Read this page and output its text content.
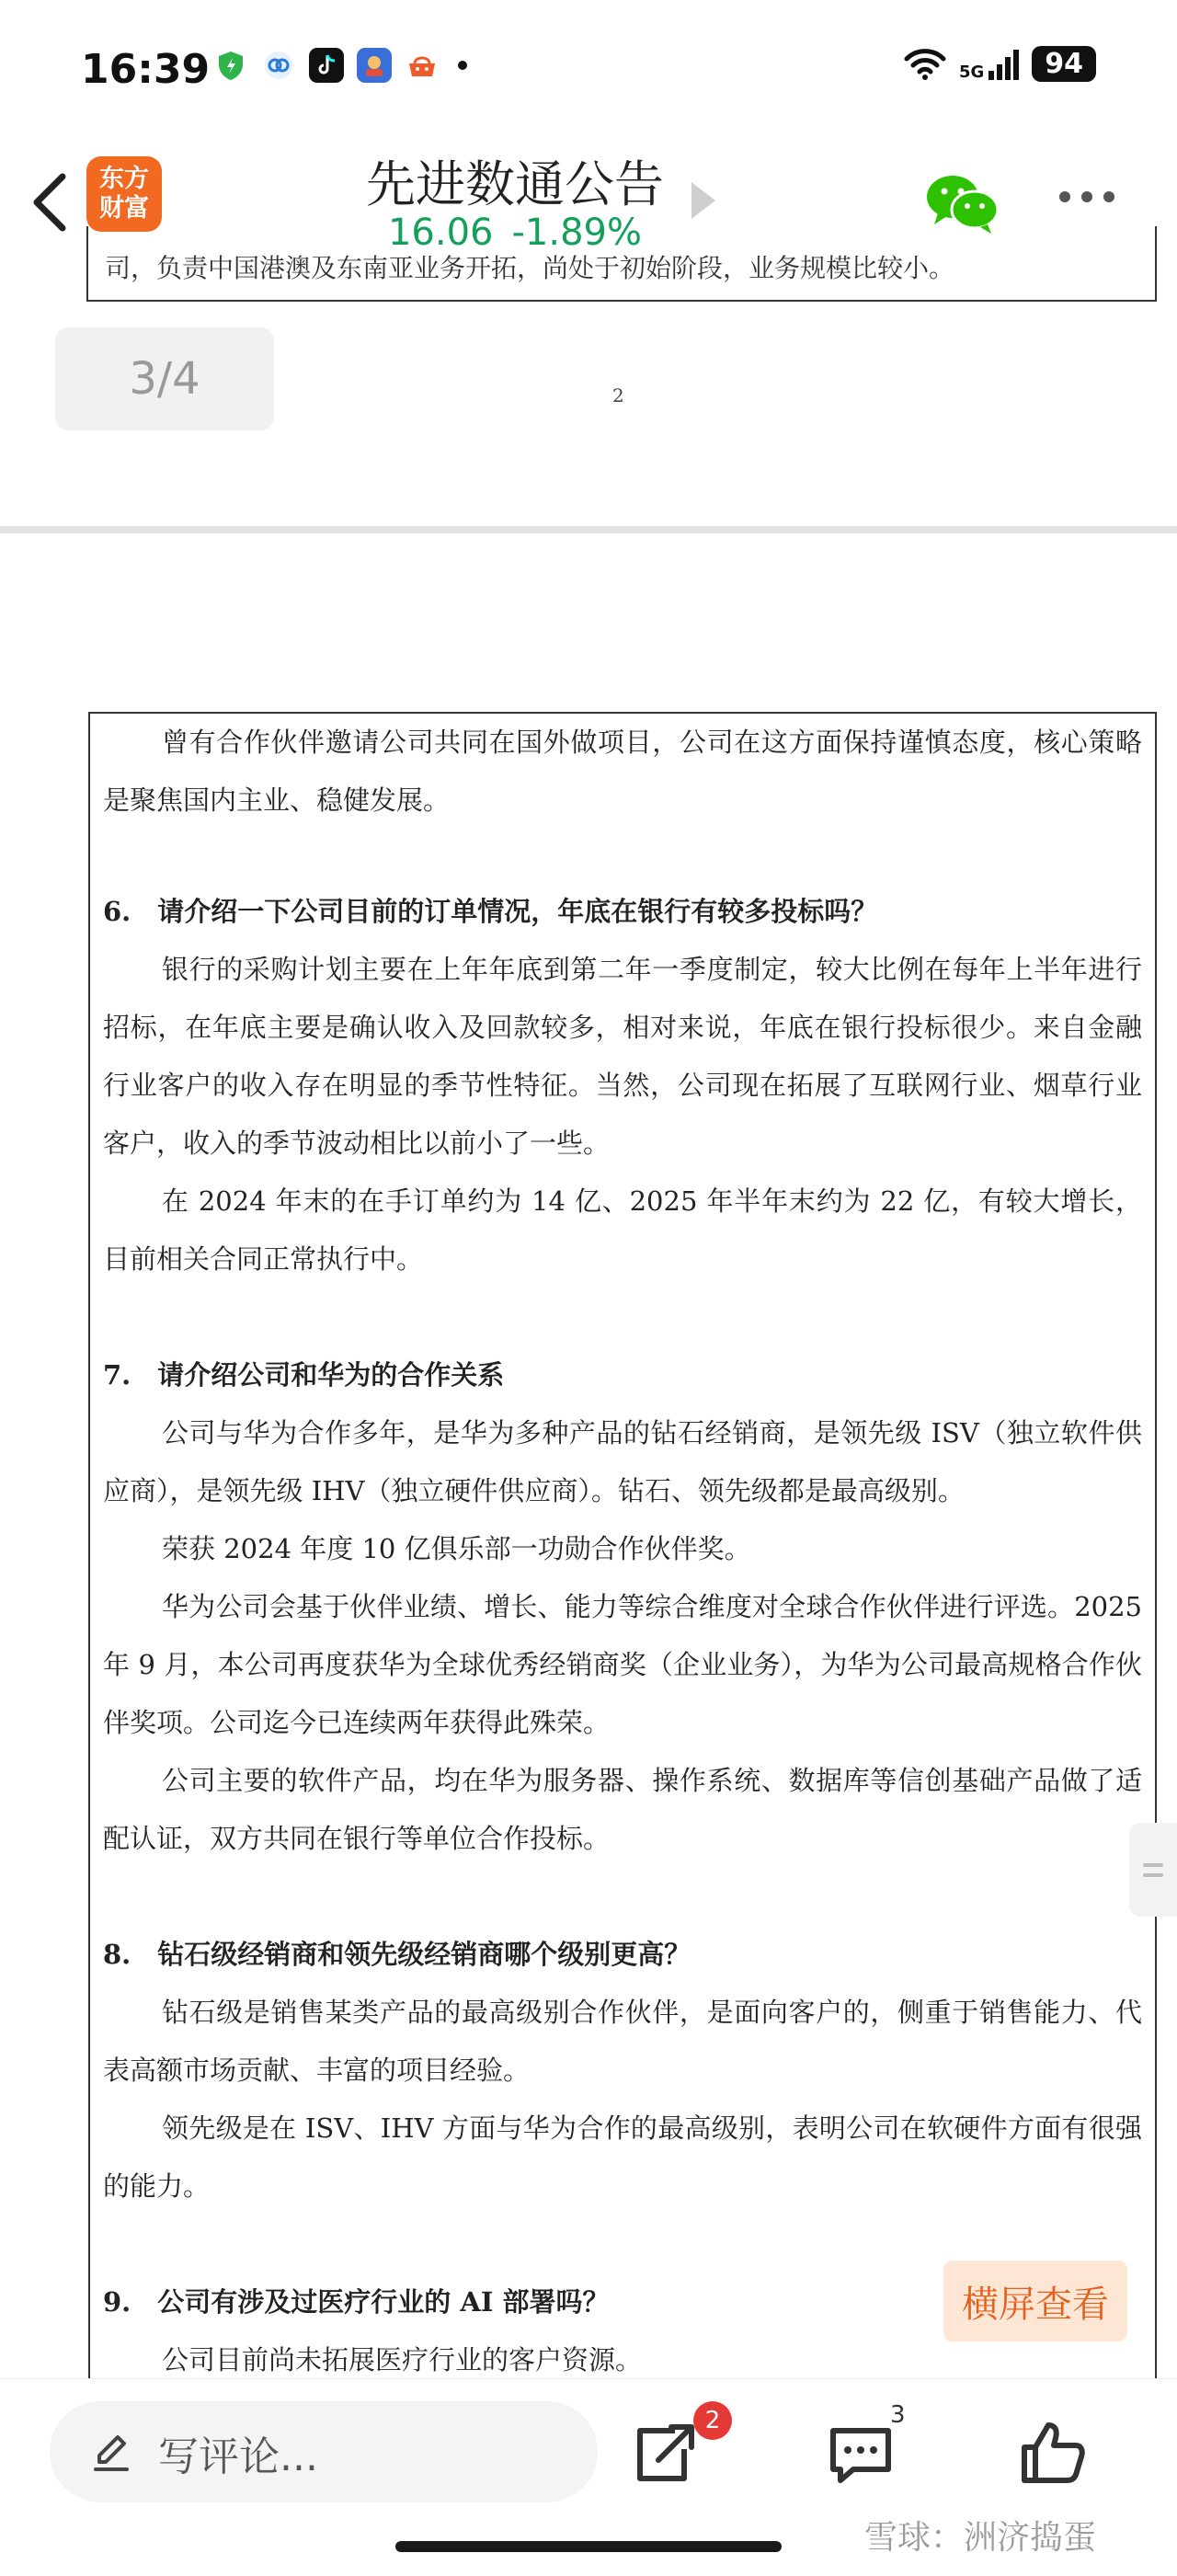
16:39	5G	94
东方
财富	先进数通公告
16.06 -1.89%
司，负责中国港澳及东南亚业务开拓，尚处于初始阶段，业务规模比较小。
3/4	2
曾有合作伙伴邀请公司共同在国外做项目，公司在这方面保持谨慎态度，核心策略是聚焦国内主业、稳健发展。
6.　请介绍一下公司目前的订单情况，年底在银行有较多投标吗？
银行的采购计划主要在上年年底到第二年一季度制定，较大比例在每年上半年进行招标，在年底主要是确认收入及回款较多，相对来说，年底在银行投标很少。来自金融行业客户的收入存在明显的季节性特征。当然，公司现在拓展了互联网行业、烟草行业客户，收入的季节波动相比以前小了一些。
在 2024 年末的在手订单约为 14 亿、2025 年半年末约为 22 亿，有较大增长，目前相关合同正常执行中。
7.　请介绍公司和华为的合作关系
公司与华为合作多年，是华为多种产品的钻石经销商，是领先级 ISV（独立软件供应商），是领先级 IHV（独立硬件供应商）。钻石、领先级都是最高级别。
荣获 2024 年度 10 亿俱乐部一功勋合作伙伴奖。
华为公司会基于伙伴业绩、增长、能力等综合维度对全球合作伙伴进行评选。2025 年 9 月，本公司再度获华为全球优秀经销商奖（企业业务），为华为公司最高规格合作伙伴奖项。公司迄今已连续两年获得此殊荣。
公司主要的软件产品，均在华为服务器、操作系统、数据库等信创基础产品做了适配认证，双方共同在银行等单位合作投标。
8.　钻石级经销商和领先级经销商哪个级别更高？
钻石级是销售某类产品的最高级别合作伙伴，是面向客户的，侧重于销售能力、代表高额市场贡献、丰富的项目经验。
领先级是在 ISV、IHV 方面与华为合作的最高级别，表明公司在软硬件方面有很强的能力。
9.　公司有涉及过医疗行业的 AI 部署吗？
公司目前尚未拓展医疗行业的客户资源。
横屏查看
写评论...
2	3
雪球：洲济捣蛋
